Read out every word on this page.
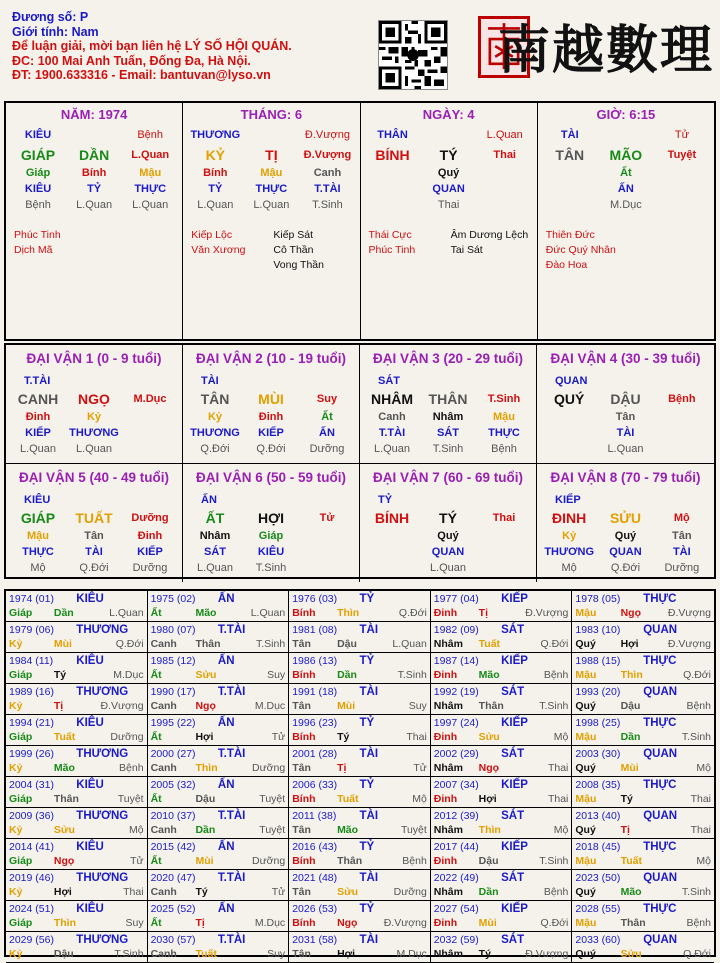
Đương số: P
Giới tính: Nam
Để luận giải, mời bạn liên hệ LÝ SỐ HỘI QUÁN.
ĐC: 100 Mai Anh Tuấn, Đống Đa, Hà Nội.
ĐT: 1900.633316 - Email: bantuvan@lyso.vn	南越數理
NĂM: 1974
KIÊU	Bệnh
GIÁP	DẦN	L.Quan
Giáp	Bính	Mậu
KIÊU	TỶ	THỰC
Bệnh	L.Quan	L.Quan
Phúc Tinh
Dịch Mã
THÁNG: 6
THƯƠNG	Đ.Vượng
KỶ	TỊ	Đ.Vượng
Bính	Mậu	Canh
TỶ	THỰC	T.TÀI
L.Quan	L.Quan	T.Sinh
Kiếp Lộc
Văn Xương
Kiếp Sát
Cô Thần
Vong Thần
NGÀY: 4
THÂN	L.Quan
BÍNH	TÝ	Thai
Quý
QUAN
Thai
Thái Cực
Phúc Tinh
Âm Dương Lệch
Tai Sát
GIỜ: 6:15
TÀI	Tử
TÂN	MÃO	Tuyệt
Ất
ẤN
M.Dục
Thiên Đức
Đức Quý Nhân
Đào Hoa
ĐẠI VẬN 1 (0 - 9 tuổi)
T.TÀI
CANH	NGỌ	M.Dục
Đinh	Kỷ
KIẾP	THƯƠNG
L.Quan	L.Quan
ĐẠI VẬN 2 (10 - 19 tuổi)
TÀI
TÂN	MÙI	Suy
Kỷ	Đinh	Ất
THƯƠNG	KIẾP	ẤN
Q.Đới	Q.Đới	Dưỡng
ĐẠI VẬN 3 (20 - 29 tuổi)
SÁT
NHÂM	THÂN	T.Sinh
Canh	Nhâm	Mậu
T.TÀI	SÁT	THỰC
L.Quan	T.Sinh	Bệnh
ĐẠI VẬN 4 (30 - 39 tuổi)
QUAN
QUÝ	DẬU	Bệnh
Tân
TÀI
L.Quan
ĐẠI VẬN 5 (40 - 49 tuổi)
KIÊU
GIÁP	TUẤT	Dưỡng
Mậu	Tân	Đinh
THỰC	TÀI	KIẾP
Mộ	Q.Đới	Dưỡng
ĐẠI VẬN 6 (50 - 59 tuổi)
ẤN
ẤT	HỢI	Tử
Nhâm	Giáp
SÁT	KIÊU
L.Quan	T.Sinh
ĐẠI VẬN 7 (60 - 69 tuổi)
TỶ
BÍNH	TÝ	Thai
Quý
QUAN
L.Quan
ĐẠI VẬN 8 (70 - 79 tuổi)
KIẾP
ĐINH	SỬU	Mộ
Kỷ	Quý	Tân
THƯƠNG	QUAN	TÀI
Mộ	Q.Đới	Dưỡng
1974 (01)	KIÊU
Giáp	Dần	L.Quan
1975 (02)	ẤN
Ất	Mão	L.Quan
1976 (03)	TỶ
Bính	Thìn	Q.Đới
1977 (04)	KIẾP
Đinh	Tị	Đ.Vượng
1978 (05)	THỰC
Mậu	Ngọ	Đ.Vượng
1979 (06)	THƯƠNG
Kỷ	Mùi	Q.Đới
1980 (07)	T.TÀI
Canh	Thân	T.Sinh
1981 (08)	TÀI
Tân	Dậu	L.Quan
1982 (09)	SÁT
Nhâm	Tuất	Q.Đới
1983 (10)	QUAN
Quý	Hợi	Đ.Vượng
1984 (11)	KIÊU
Giáp	Tý	M.Dục
1985 (12)	ẤN
Ất	Sửu	Suy
1986 (13)	TỶ
Bính	Dần	T.Sinh
1987 (14)	KIẾP
Đinh	Mão	Bệnh
1988 (15)	THỰC
Mậu	Thìn	Q.Đới
1989 (16)	THƯƠNG
Kỷ	Tị	Đ.Vượng
1990 (17)	T.TÀI
Canh	Ngọ	M.Dục
1991 (18)	TÀI
Tân	Mùi	Suy
1992 (19)	SÁT
Nhâm	Thân	T.Sinh
1993 (20)	QUAN
Quý	Dậu	Bệnh
1994 (21)	KIÊU
Giáp	Tuất	Dưỡng
1995 (22)	ẤN
Ất	Hợi	Tử
1996 (23)	TỶ
Bính	Tý	Thai
1997 (24)	KIẾP
Đinh	Sửu	Mộ
1998 (25)	THỰC
Mậu	Dần	T.Sinh
1999 (26)	THƯƠNG
Kỷ	Mão	Bệnh
2000 (27)	T.TÀI
Canh	Thìn	Dưỡng
2001 (28)	TÀI
Tân	Tị	Tử
2002 (29)	SÁT
Nhâm	Ngọ	Thai
2003 (30)	QUAN
Quý	Mùi	Mộ
2004 (31)	KIÊU
Giáp	Thân	Tuyệt
2005 (32)	ẤN
Ất	Dậu	Tuyệt
2006 (33)	TỶ
Bính	Tuất	Mộ
2007 (34)	KIẾP
Đinh	Hợi	Thai
2008 (35)	THỰC
Mậu	Tý	Thai
2009 (36)	THƯƠNG
Kỷ	Sửu	Mộ
2010 (37)	T.TÀI
Canh	Dần	Tuyệt
2011 (38)	TÀI
Tân	Mão	Tuyệt
2012 (39)	SÁT
Nhâm	Thìn	Mộ
2013 (40)	QUAN
Quý	Tị	Thai
2014 (41)	KIÊU
Giáp	Ngọ	Tử
2015 (42)	ẤN
Ất	Mùi	Dưỡng
2016 (43)	TỶ
Bính	Thân	Bệnh
2017 (44)	KIẾP
Đinh	Dậu	T.Sinh
2018 (45)	THỰC
Mậu	Tuất	Mộ
2019 (46)	THƯƠNG
Kỷ	Hợi	Thai
2020 (47)	T.TÀI
Canh	Tý	Tử
2021 (48)	TÀI
Tân	Sửu	Dưỡng
2022 (49)	SÁT
Nhâm	Dần	Bệnh
2023 (50)	QUAN
Quý	Mão	T.Sinh
2024 (51)	KIÊU
Giáp	Thìn	Suy
2025 (52)	ẤN
Ất	Tị	M.Dục
2026 (53)	TỶ
Bính	Ngọ	Đ.Vượng
2027 (54)	KIẾP
Đinh	Mùi	Q.Đới
2028 (55)	THỰC
Mậu	Thân	Bệnh
2029 (56)	THƯƠNG
Kỷ	Dậu	T.Sinh
2030 (57)	T.TÀI
Canh	Tuất	Suy
2031 (58)	TÀI
Tân	Hợi	M.Dục
2032 (59)	SÁT
Nhâm	Tý	Đ.Vượng
2033 (60)	QUAN
Quý	Sửu	Q.Đới
